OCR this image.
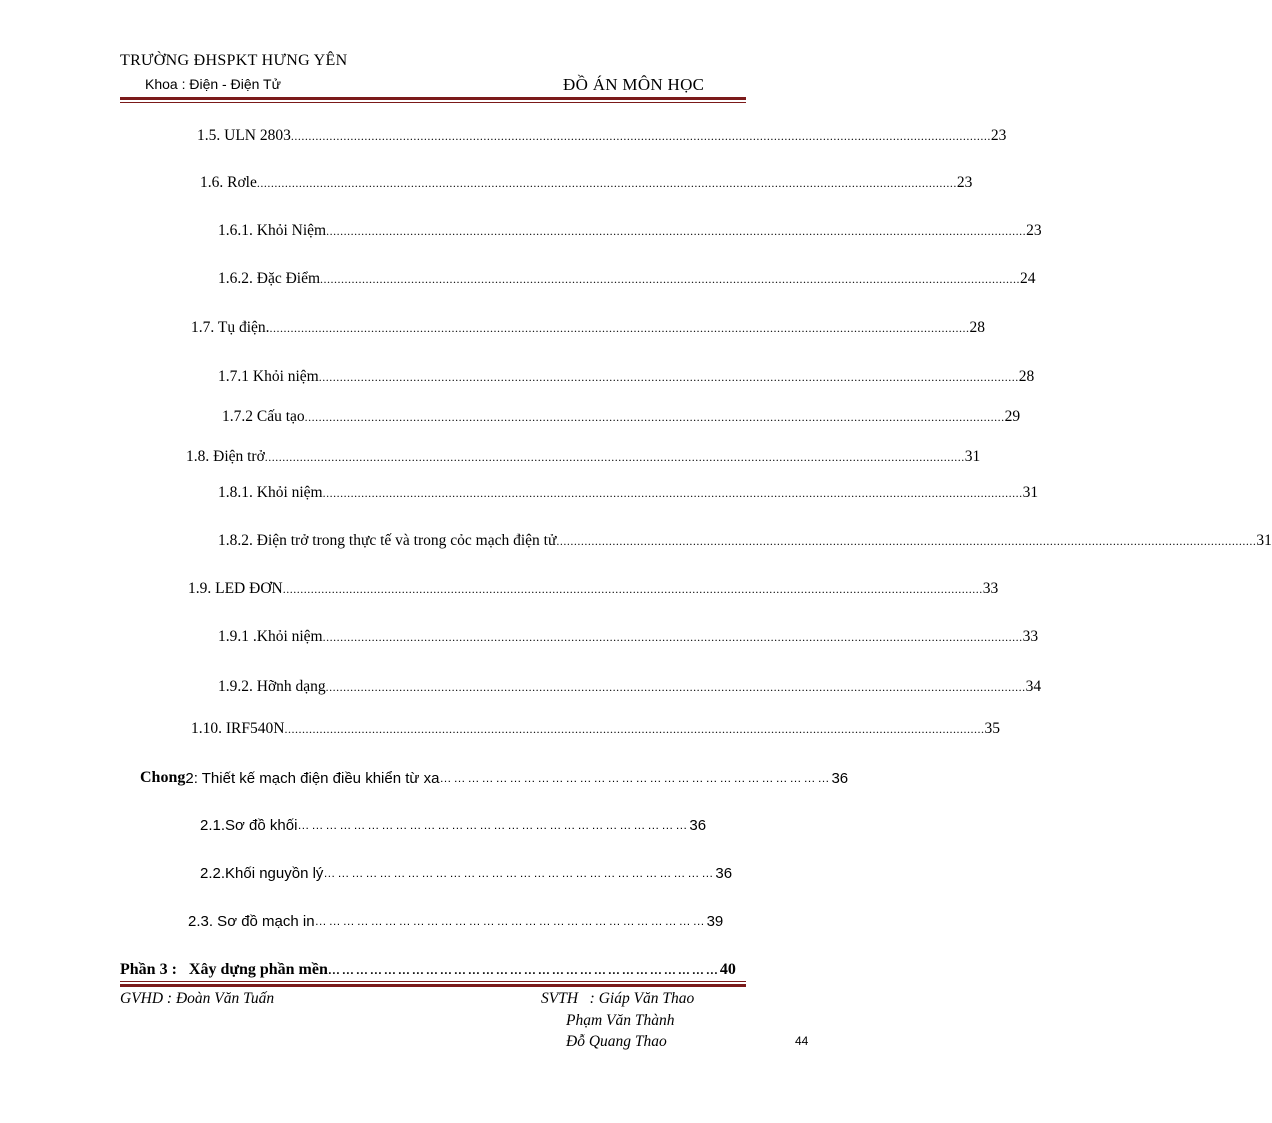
TRƯỜNG ĐHSPKT HƯNG YÊN
Khoa : Điện - Điện Tử	ĐỒ ÁN MÔN HỌC
1.5. ULN 2803 ........................................................................................................................................................................................................ 23
1.6. Rơle ........................................................................................................................................................................................................ 23
1.6.1. Khỏi Niệm ........................................................................................................................................................................................................ 23
1.6.2. Đặc Điểm ........................................................................................................................................................................................................ 24
1.7. Tụ điện. ........................................................................................................................................................................................................ 28
1.7.1 Khỏi niệm ........................................................................................................................................................................................................ 28
1.7.2 Cấu tạo ........................................................................................................................................................................................................ 29
1.8. Điện trở ........................................................................................................................................................................................................ 31
1.8.1. Khỏi niệm ........................................................................................................................................................................................................ 31
1.8.2. Điện trở trong thực tế và trong cỏc mạch điện tử ........................................................................................................................................................................................................ 31
1.9. LED ĐƠN ........................................................................................................................................................................................................ 33
1.9.1 .Khỏi niệm ........................................................................................................................................................................................................ 33
1.9.2. Hỡnh dạng ........................................................................................................................................................................................................ 34
1.10. IRF540N ........................................................................................................................................................................................................ 35
Chong 2 : Thiết kế mạch điện điều khiển từ xa ………………………………………………………………………… 36
2.1.Sơ đồ khối ………………………………………………………………………… 36
2.2.Khối nguyồn lý ………………………………………………………………………… 36
2.3. Sơ đồ mạch in ………………………………………………………………………… 39
Phần 3 :   Xây dựng phần mền ………………………………………………………………………… 40
GVHD : Đoàn Văn Tuấn	SVTH   : Giáp Văn Thao
Phạm Văn Thành
Đỗ Quang Thao	44
